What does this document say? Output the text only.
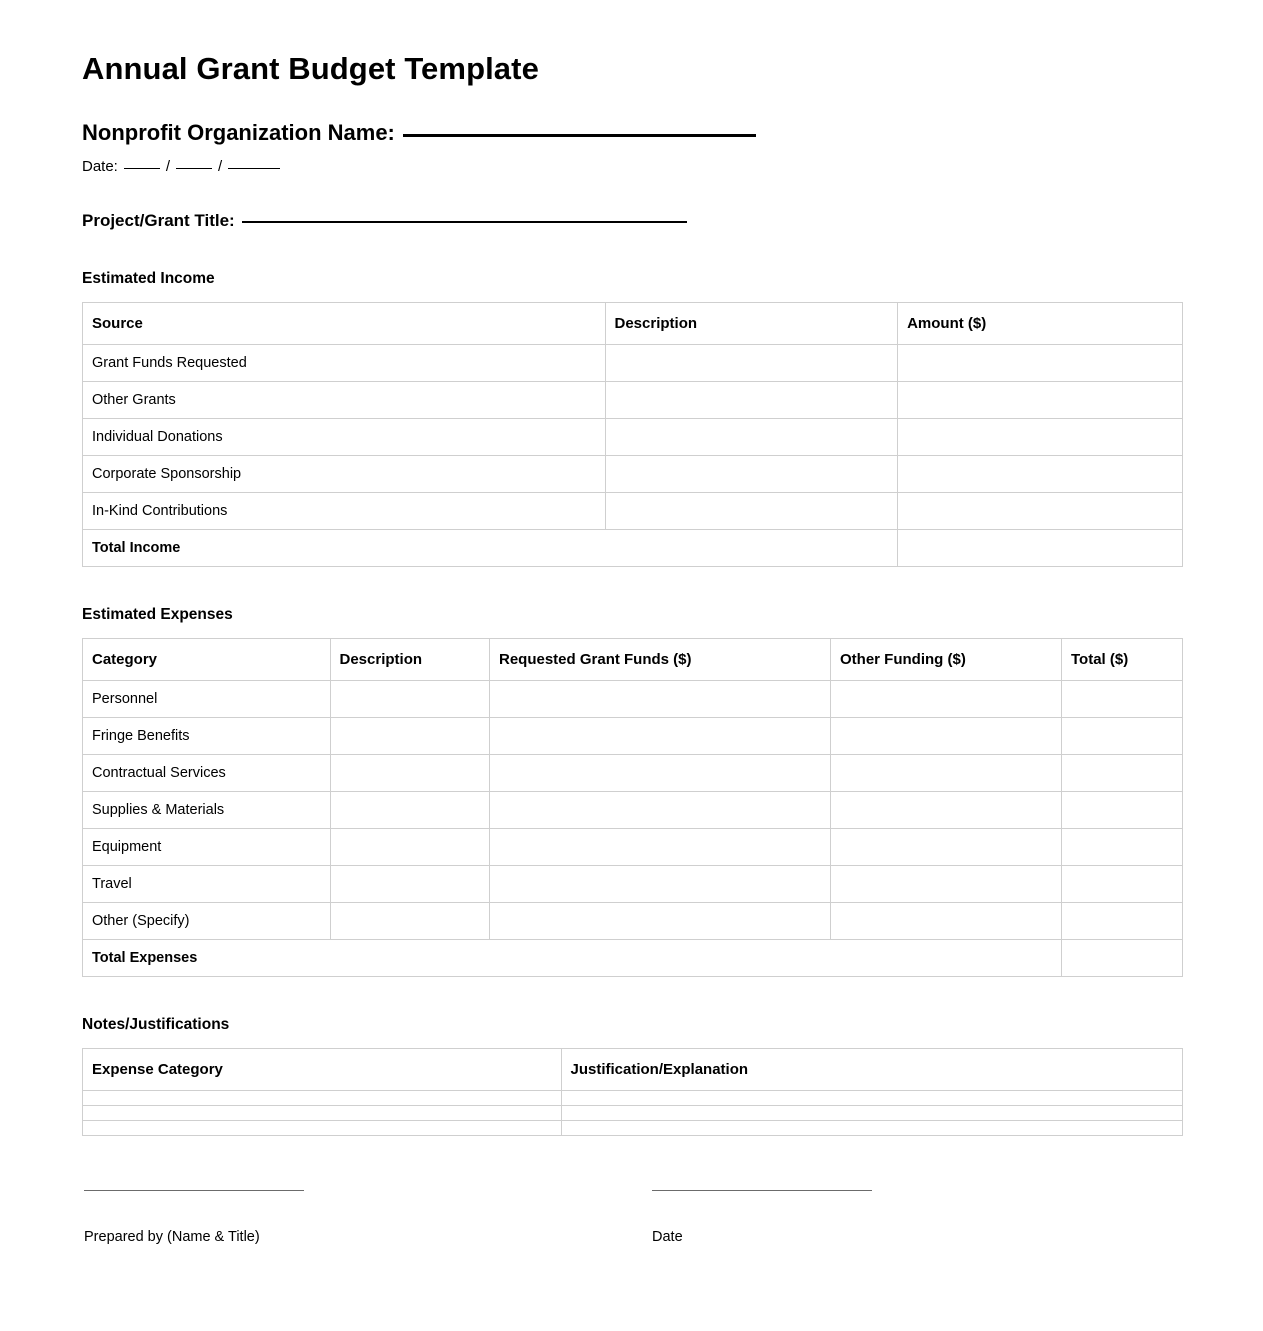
Annual Grant Budget Template
Nonprofit Organization Name:
Date:	/	/
Project/Grant Title:
Estimated Income
Source	Description	Amount ($)
Grant Funds Requested		
Other Grants		
Individual Donations		
Corporate Sponsorship		
In-Kind Contributions		
Total Income		
Estimated Expenses
Category	Description	Requested Grant Funds ($)	Other Funding ($)	Total ($)
Personnel				
Fringe Benefits				
Contractual Services				
Supplies & Materials				
Equipment				
Travel				
Other (Specify)				
Total Expenses				
Notes/Justifications
Expense Category	Justification/Explanation

Prepared by (Name & Title)	Date
